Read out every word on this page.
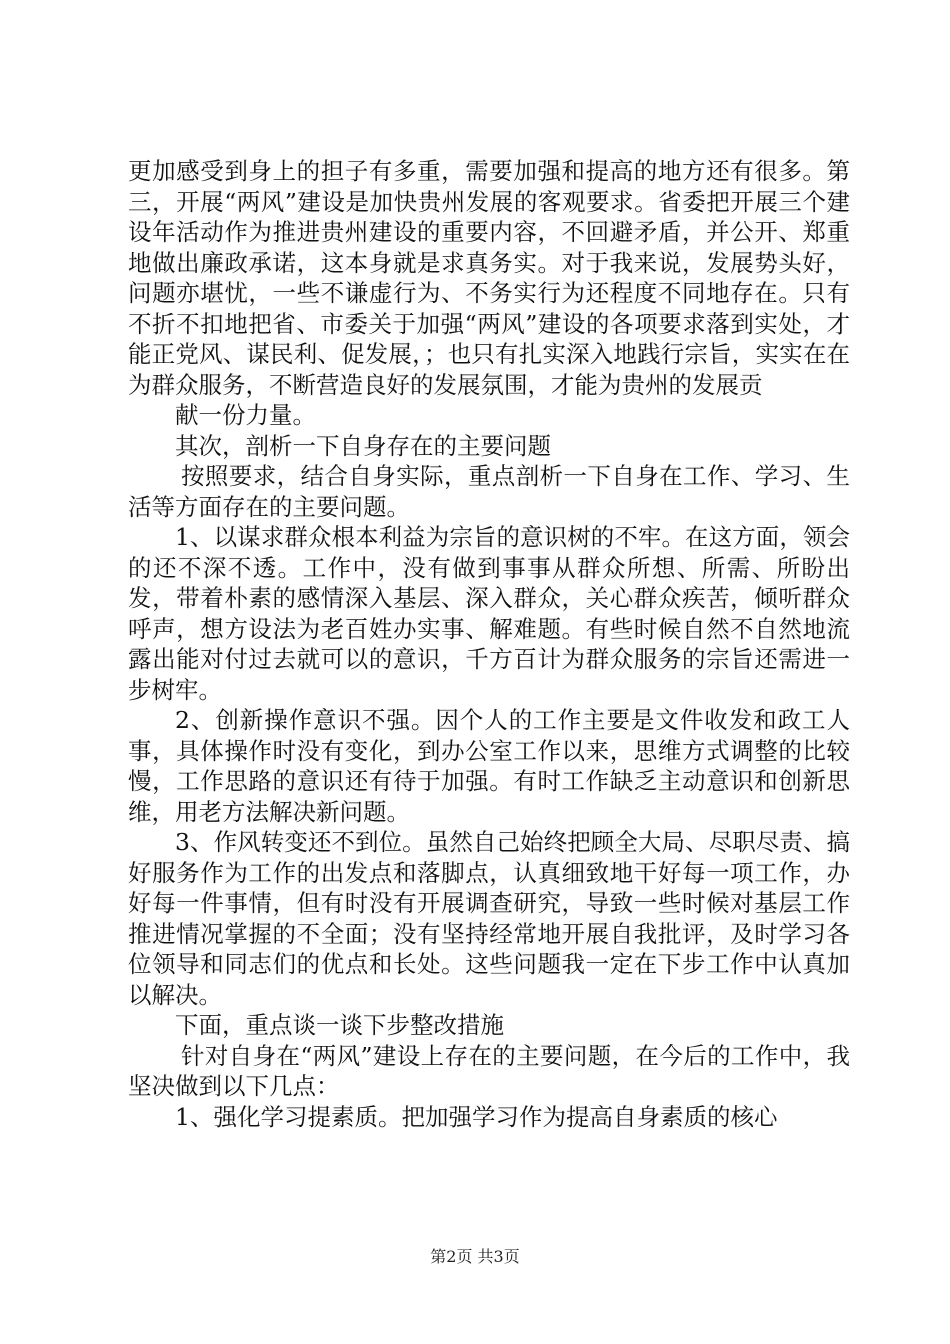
更加感受到身上的担子有多重，需要加强和提高的地方还有很多。第三，开展“两风”建设是加快贵州发展的客观要求。省委把开展三个建设年活动作为推进贵州建设的重要内容，不回避矛盾，并公开、郑重地做出廉政承诺，这本身就是求真务实。对于我来说，发展势头好，问题亦堪忧，一些不谦虚行为、不务实行为还程度不同地存在。只有不折不扣地把省、市委关于加强“两风”建设的各项要求落到实处，才能正党风、谋民利、促发展，；也只有扎实深入地践行宗旨，实实在在为群众服务，不断营造良好的发展氛围，才能为贵州的发展贡

献一份力量。

其次，剖析一下自身存在的主要问题

按照要求，结合自身实际，重点剖析一下自身在工作、学习、生活等方面存在的主要问题。

1、以谋求群众根本利益为宗旨的意识树的不牢。在这方面，领会的还不深不透。工作中，没有做到事事从群众所想、所需、所盼出发，带着朴素的感情深入基层、深入群众，关心群众疾苦，倾听群众呼声，想方设法为老百姓办实事、解难题。有些时候自然不自然地流露出能对付过去就可以的意识，千方百计为群众服务的宗旨还需进一步树牢。

2、创新操作意识不强。因个人的工作主要是文件收发和政工人事，具体操作时没有变化，到办公室工作以来，思维方式调整的比较慢，工作思路的意识还有待于加强。有时工作缺乏主动意识和创新思维，用老方法解决新问题。

3、作风转变还不到位。虽然自己始终把顾全大局、尽职尽责、搞好服务作为工作的出发点和落脚点，认真细致地干好每一项工作，办好每一件事情，但有时没有开展调查研究，导致一些时候对基层工作推进情况掌握的不全面；没有坚持经常地开展自我批评，及时学习各位领导和同志们的优点和长处。这些问题我一定在下步工作中认真加以解决。

下面，重点谈一谈下步整改措施

针对自身在“两风”建设上存在的主要问题，在今后的工作中，我坚决做到以下几点：

1、强化学习提素质。把加强学习作为提高自身素质的核心

第2页 共3页
